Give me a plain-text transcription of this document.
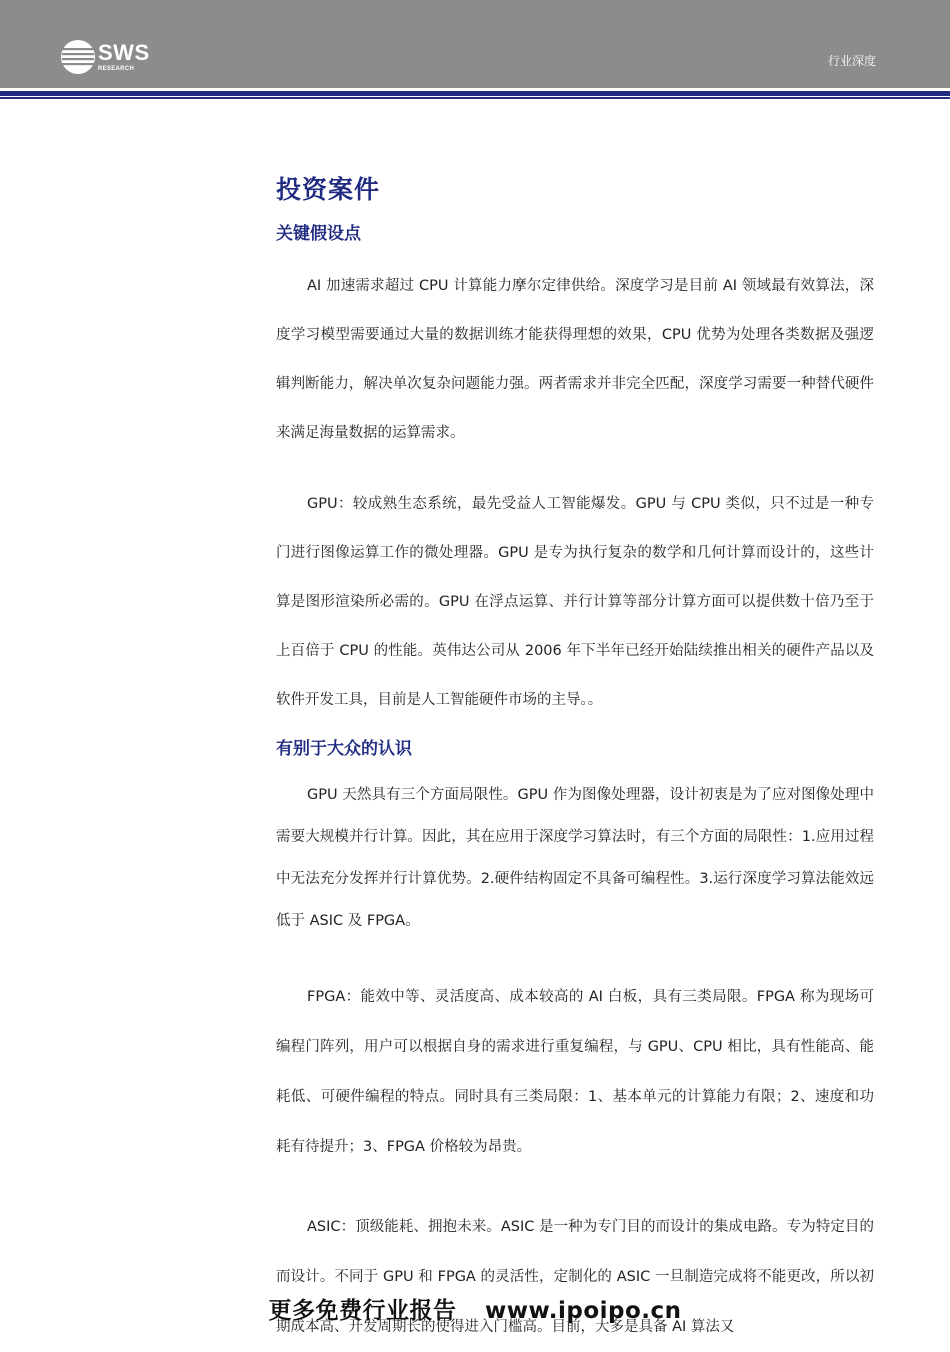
SWS
RESEARCH
行业深度
投资案件
关键假设点

AI 加速需求超过 CPU 计算能力摩尔定律供给。深度学习是目前 AI 领域最有效算法，深度学习模型需要通过大量的数据训练才能获得理想的效果，CPU 优势为处理各类数据及强逻辑判断能力，解决单次复杂问题能力强。两者需求并非完全匹配，深度学习需要一种替代硬件来满足海量数据的运算需求。

GPU：较成熟生态系统，最先受益人工智能爆发。GPU 与 CPU 类似，只不过是一种专门进行图像运算工作的微处理器。GPU 是专为执行复杂的数学和几何计算而设计的，这些计算是图形渲染所必需的。GPU 在浮点运算、并行计算等部分计算方面可以提供数十倍乃至于上百倍于 CPU 的性能。英伟达公司从 2006 年下半年已经开始陆续推出相关的硬件产品以及软件开发工具，目前是人工智能硬件市场的主导。。

有别于大众的认识

GPU 天然具有三个方面局限性。GPU 作为图像处理器，设计初衷是为了应对图像处理中需要大规模并行计算。因此，其在应用于深度学习算法时，有三个方面的局限性：1.应用过程中无法充分发挥并行计算优势。2.硬件结构固定不具备可编程性。3.运行深度学习算法能效远低于 ASIC 及 FPGA。

FPGA：能效中等、灵活度高、成本较高的 AI 白板，具有三类局限。FPGA 称为现场可编程门阵列，用户可以根据自身的需求进行重复编程，与 GPU、CPU 相比，具有性能高、能耗低、可硬件编程的特点。同时具有三类局限：1、基本单元的计算能力有限；2、速度和功耗有待提升；3、FPGA 价格较为昂贵。

ASIC：顶级能耗、拥抱未来。ASIC 是一种为专门目的而设计的集成电路。专为特定目的而设计。不同于 GPU 和 FPGA 的灵活性，定制化的 ASIC 一旦制造完成将不能更改，所以初期成本高、开发周期长的使得进入门槛高。目前，大多是具备 AI 算法又

更多免费行业报告 www.ipoipo.cn
